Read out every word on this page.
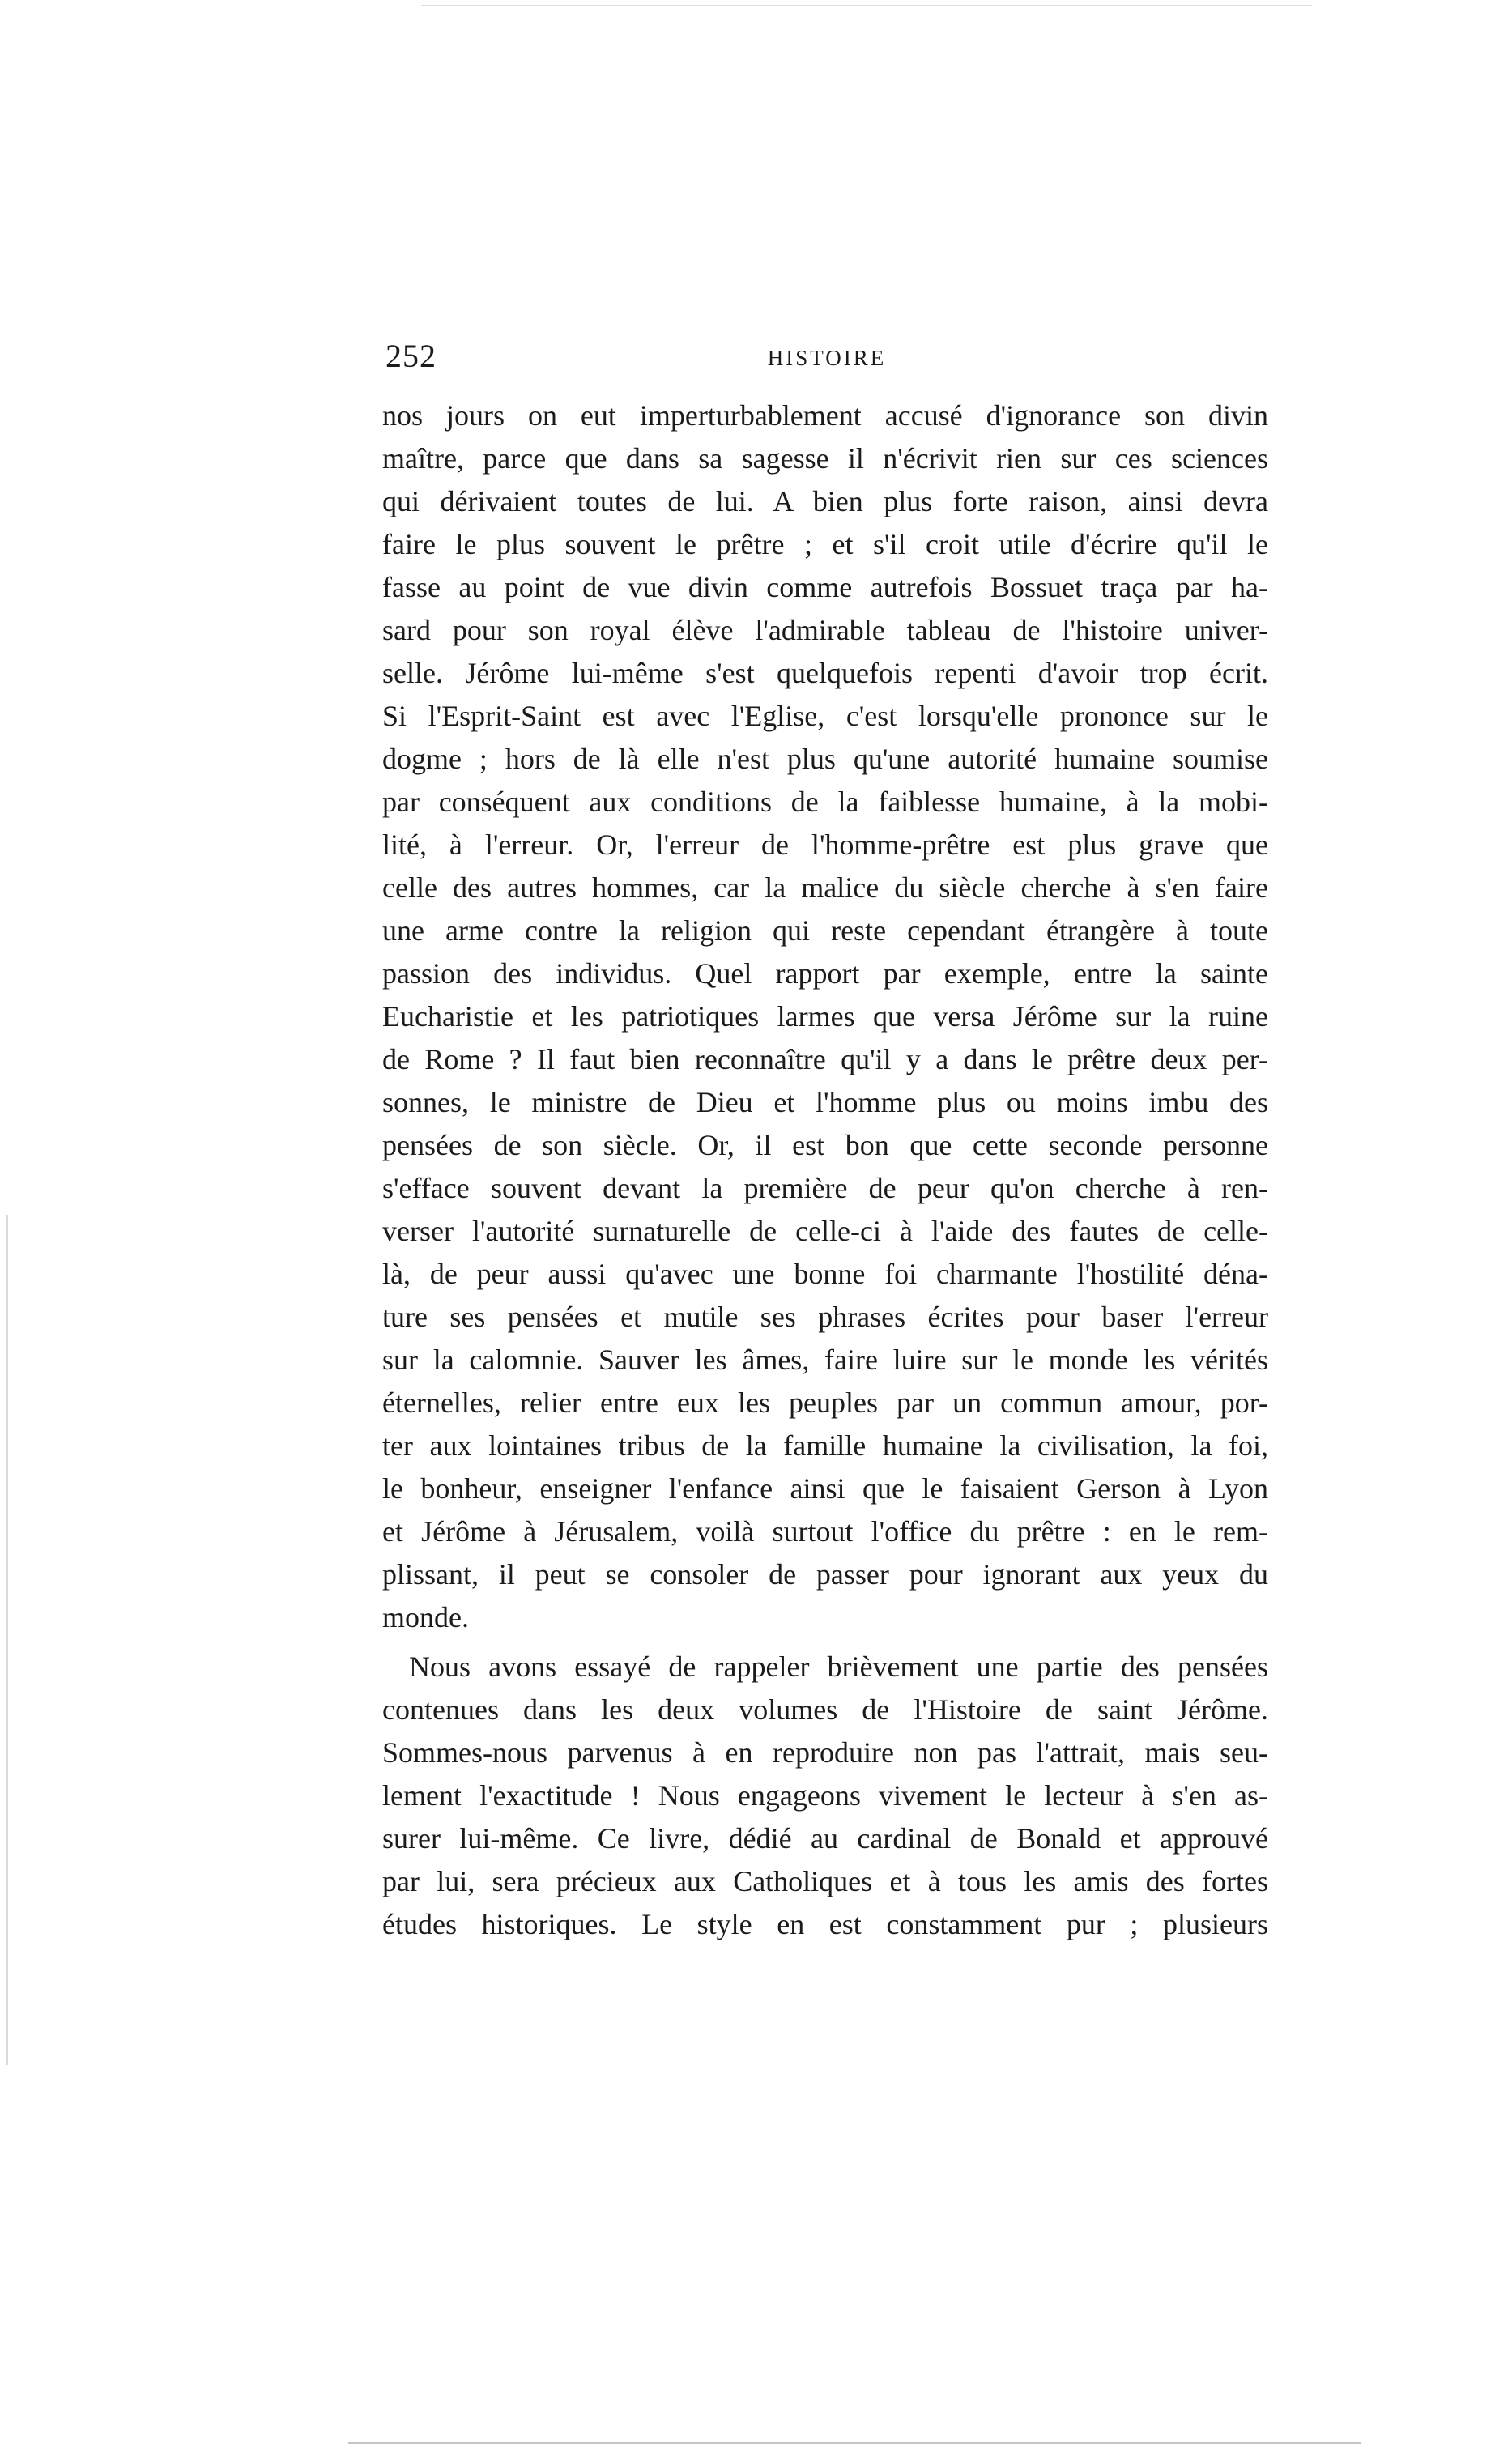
252	HISTOIRE
nos jours on eut imperturbablement accusé d'ignorance son divin
maître, parce que dans sa sagesse il n'écrivit rien sur ces sciences
qui dérivaient toutes de lui. A bien plus forte raison, ainsi devra
faire le plus souvent le prêtre ; et s'il croit utile d'écrire qu'il le
fasse au point de vue divin comme autrefois Bossuet traça par ha-
sard pour son royal élève l'admirable tableau de l'histoire univer-
selle. Jérôme lui-même s'est quelquefois repenti d'avoir trop écrit.
Si l'Esprit-Saint est avec l'Eglise, c'est lorsqu'elle prononce sur le
dogme ; hors de là elle n'est plus qu'une autorité humaine soumise
par conséquent aux conditions de la faiblesse humaine, à la mobi-
lité, à l'erreur. Or, l'erreur de l'homme-prêtre est plus grave que
celle des autres hommes, car la malice du siècle cherche à s'en faire
une arme contre la religion qui reste cependant étrangère à toute
passion des individus. Quel rapport par exemple, entre la sainte
Eucharistie et les patriotiques larmes que versa Jérôme sur la ruine
de Rome ? Il faut bien reconnaître qu'il y a dans le prêtre deux per-
sonnes, le ministre de Dieu et l'homme plus ou moins imbu des
pensées de son siècle. Or, il est bon que cette seconde personne
s'efface souvent devant la première de peur qu'on cherche à ren-
verser l'autorité surnaturelle de celle-ci à l'aide des fautes de celle-
là, de peur aussi qu'avec une bonne foi charmante l'hostilité déna-
ture ses pensées et mutile ses phrases écrites pour baser l'erreur
sur la calomnie. Sauver les âmes, faire luire sur le monde les vérités
éternelles, relier entre eux les peuples par un commun amour, por-
ter aux lointaines tribus de la famille humaine la civilisation, la foi,
le bonheur, enseigner l'enfance ainsi que le faisaient Gerson à Lyon
et Jérôme à Jérusalem, voilà surtout l'office du prêtre : en le rem-
plissant, il peut se consoler de passer pour ignorant aux yeux du
monde.
Nous avons essayé de rappeler brièvement une partie des pensées
contenues dans les deux volumes de l'Histoire de saint Jérôme.
Sommes-nous parvenus à en reproduire non pas l'attrait, mais seu-
lement l'exactitude ! Nous engageons vivement le lecteur à s'en as-
surer lui-même. Ce livre, dédié au cardinal de Bonald et approuvé
par lui, sera précieux aux Catholiques et à tous les amis des fortes
études historiques. Le style en est constamment pur ; plusieurs
